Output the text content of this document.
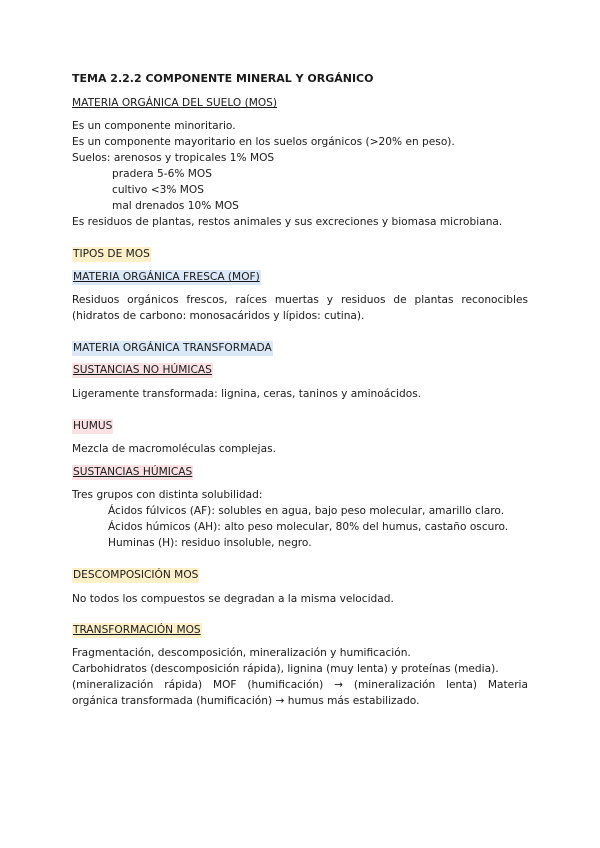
TEMA 2.2.2 COMPONENTE MINERAL Y ORGÁNICO
MATERIA ORGÁNICA DEL SUELO (MOS)
Es un componente minoritario.
Es un componente mayoritario en los suelos orgánicos (>20% en peso).
Suelos: arenosos y tropicales 1% MOS
pradera 5-6% MOS
cultivo <3% MOS
mal drenados 10% MOS
Es residuos de plantas, restos animales y sus excreciones y biomasa microbiana.
TIPOS DE MOS
MATERIA ORGÁNICA FRESCA (MOF)
Residuos orgánicos frescos, raíces muertas y residuos de plantas reconocibles
(hidratos de carbono: monosacáridos y lípidos: cutina).
MATERIA ORGÁNICA TRANSFORMADA
SUSTANCIAS NO HÚMICAS
Ligeramente transformada: lignina, ceras, taninos y aminoácidos.
HUMUS
Mezcla de macromoléculas complejas.
SUSTANCIAS HÚMICAS
Tres grupos con distinta solubilidad:
Ácidos fúlvicos (AF): solubles en agua, bajo peso molecular, amarillo claro.
Ácidos húmicos (AH): alto peso molecular, 80% del humus, castaño oscuro.
Huminas (H): residuo insoluble, negro.
DESCOMPOSICIÓN MOS
No todos los compuestos se degradan a la misma velocidad.
TRANSFORMACIÓN MOS
Fragmentación, descomposición, mineralización y humificación.
Carbohidratos (descomposición rápida), lignina (muy lenta) y proteínas (media).
(mineralización rápida) MOF (humificación) → (mineralización lenta) Materia
orgánica transformada (humificación) → humus más estabilizado.
